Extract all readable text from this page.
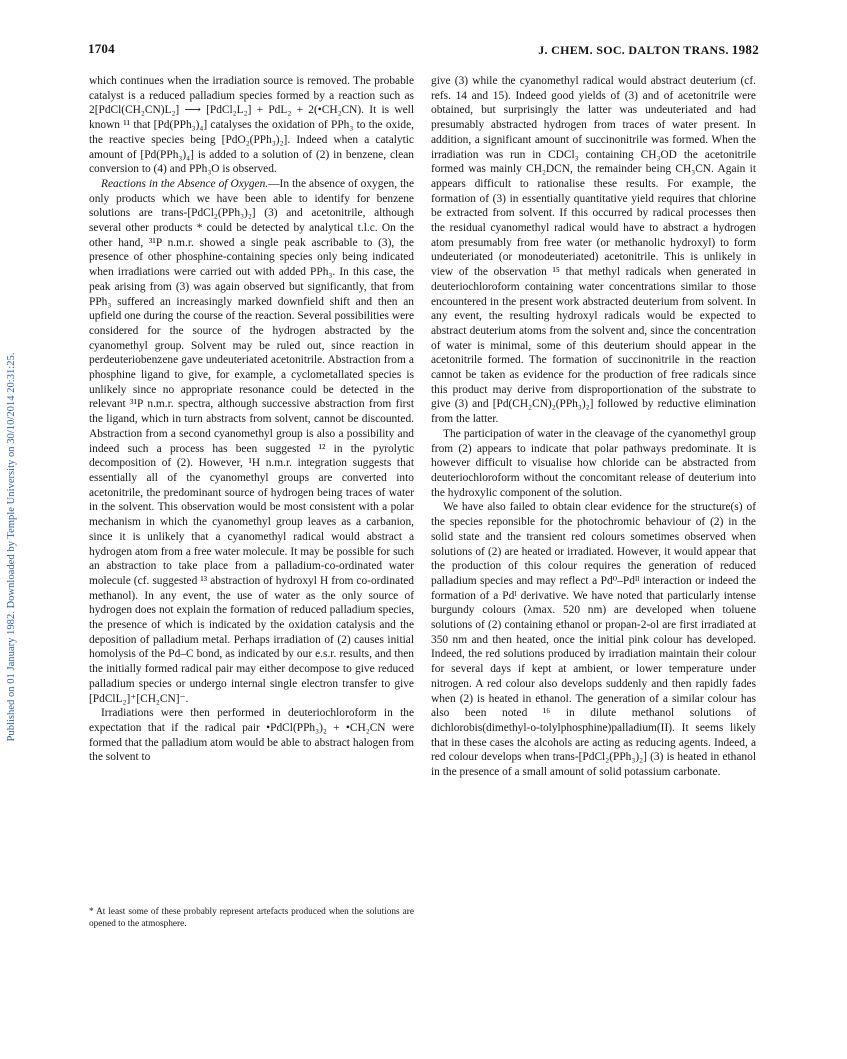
Published on 01 January 1982. Downloaded by Temple University on 30/10/2014 20:31:25.
1704	J. CHEM. SOC. DALTON TRANS. 1982

which continues when the irradiation source is removed. The probable catalyst is a reduced palladium species formed by a reaction such as 2[PdCl(CH₂CN)L₂] ⟶ [PdCl₂L₂] + PdL₂ + 2(•CH₂CN). It is well known ¹¹ that [Pd(PPh₃)₄] catalyses the oxidation of PPh₃ to the oxide, the reactive species being [PdO₂(PPh₃)₂]. Indeed when a catalytic amount of [Pd(PPh₃)₄] is added to a solution of (2) in benzene, clean conversion to (4) and PPh₃O is observed.

Reactions in the Absence of Oxygen.—In the absence of oxygen, the only products which we have been able to identify for benzene solutions are trans-[PdCl₂(PPh₃)₂] (3) and acetonitrile, although several other products * could be detected by analytical t.l.c. On the other hand, ³¹P n.m.r. showed a single peak ascribable to (3), the presence of other phosphine-containing species only being indicated when irradiations were carried out with added PPh₃. In this case, the peak arising from (3) was again observed but significantly, that from PPh₃ suffered an increasingly marked downfield shift and then an upfield one during the course of the reaction. Several possibilities were considered for the source of the hydrogen abstracted by the cyanomethyl group. Solvent may be ruled out, since reaction in perdeuteriobenzene gave undeuteriated acetonitrile. Abstraction from a phosphine ligand to give, for example, a cyclometallated species is unlikely since no appropriate resonance could be detected in the relevant ³¹P n.m.r. spectra, although successive abstraction from first the ligand, which in turn abstracts from solvent, cannot be discounted. Abstraction from a second cyanomethyl group is also a possibility and indeed such a process has been suggested ¹² in the pyrolytic decomposition of (2). However, ¹H n.m.r. integration suggests that essentially all of the cyanomethyl groups are converted into acetonitrile, the predominant source of hydrogen being traces of water in the solvent. This observation would be most consistent with a polar mechanism in which the cyanomethyl group leaves as a carbanion, since it is unlikely that a cyanomethyl radical would abstract a hydrogen atom from a free water molecule. It may be possible for such an abstraction to take place from a palladium-co-ordinated water molecule (cf. suggested ¹³ abstraction of hydroxyl H from co-ordinated methanol). In any event, the use of water as the only source of hydrogen does not explain the formation of reduced palladium species, the presence of which is indicated by the oxidation catalysis and the deposition of palladium metal. Perhaps irradiation of (2) causes initial homolysis of the Pd–C bond, as indicated by our e.s.r. results, and then the initially formed radical pair may either decompose to give reduced palladium species or undergo internal single electron transfer to give [PdClL₂]⁺[CH₂CN]⁻.

Irradiations were then performed in deuteriochloroform in the expectation that if the radical pair •PdCl(PPh₃)₂ + •CH₂CN were formed that the palladium atom would be able to abstract halogen from the solvent to

* At least some of these probably represent artefacts produced when the solutions are opened to the atmosphere.

give (3) while the cyanomethyl radical would abstract deuterium (cf. refs. 14 and 15). Indeed good yields of (3) and of acetonitrile were obtained, but surprisingly the latter was undeuteriated and had presumably abstracted hydrogen from traces of water present. In addition, a significant amount of succinonitrile was formed. When the irradiation was run in CDCl₃ containing CH₃OD the acetonitrile formed was mainly CH₂DCN, the remainder being CH₃CN. Again it appears difficult to rationalise these results. For example, the formation of (3) in essentially quantitative yield requires that chlorine be extracted from solvent. If this occurred by radical processes then the residual cyanomethyl radical would have to abstract a hydrogen atom presumably from free water (or methanolic hydroxyl) to form undeuteriated (or monodeuteriated) acetonitrile. This is unlikely in view of the observation ¹⁵ that methyl radicals when generated in deuteriochloroform containing water concentrations similar to those encountered in the present work abstracted deuterium from solvent. In any event, the resulting hydroxyl radicals would be expected to abstract deuterium atoms from the solvent and, since the concentration of water is minimal, some of this deuterium should appear in the acetonitrile formed. The formation of succinonitrile in the reaction cannot be taken as evidence for the production of free radicals since this product may derive from disproportionation of the substrate to give (3) and [Pd(CH₂CN)₂(PPh₃)₂] followed by reductive elimination from the latter.

The participation of water in the cleavage of the cyanomethyl group from (2) appears to indicate that polar pathways predominate. It is however difficult to visualise how chloride can be abstracted from deuteriochloroform without the concomitant release of deuterium into the hydroxylic component of the solution.

We have also failed to obtain clear evidence for the structure(s) of the species reponsible for the photochromic behaviour of (2) in the solid state and the transient red colours sometimes observed when solutions of (2) are heated or irradiated. However, it would appear that the production of this colour requires the generation of reduced palladium species and may reflect a Pd⁰–Pdᴵᴵ interaction or indeed the formation of a Pdᴵ derivative. We have noted that particularly intense burgundy colours (λmax. 520 nm) are developed when toluene solutions of (2) containing ethanol or propan-2-ol are first irradiated at 350 nm and then heated, once the initial pink colour has developed. Indeed, the red solutions produced by irradiation maintain their colour for several days if kept at ambient, or lower temperature under nitrogen. A red colour also develops suddenly and then rapidly fades when (2) is heated in ethanol. The generation of a similar colour has also been noted ¹⁶ in dilute methanol solutions of dichlorobis(dimethyl-o-tolylphosphine)palladium(II). It seems likely that in these cases the alcohols are acting as reducing agents. Indeed, a red colour develops when trans-[PdCl₂(PPh₃)₂] (3) is heated in ethanol in the presence of a small amount of solid potassium carbonate.
